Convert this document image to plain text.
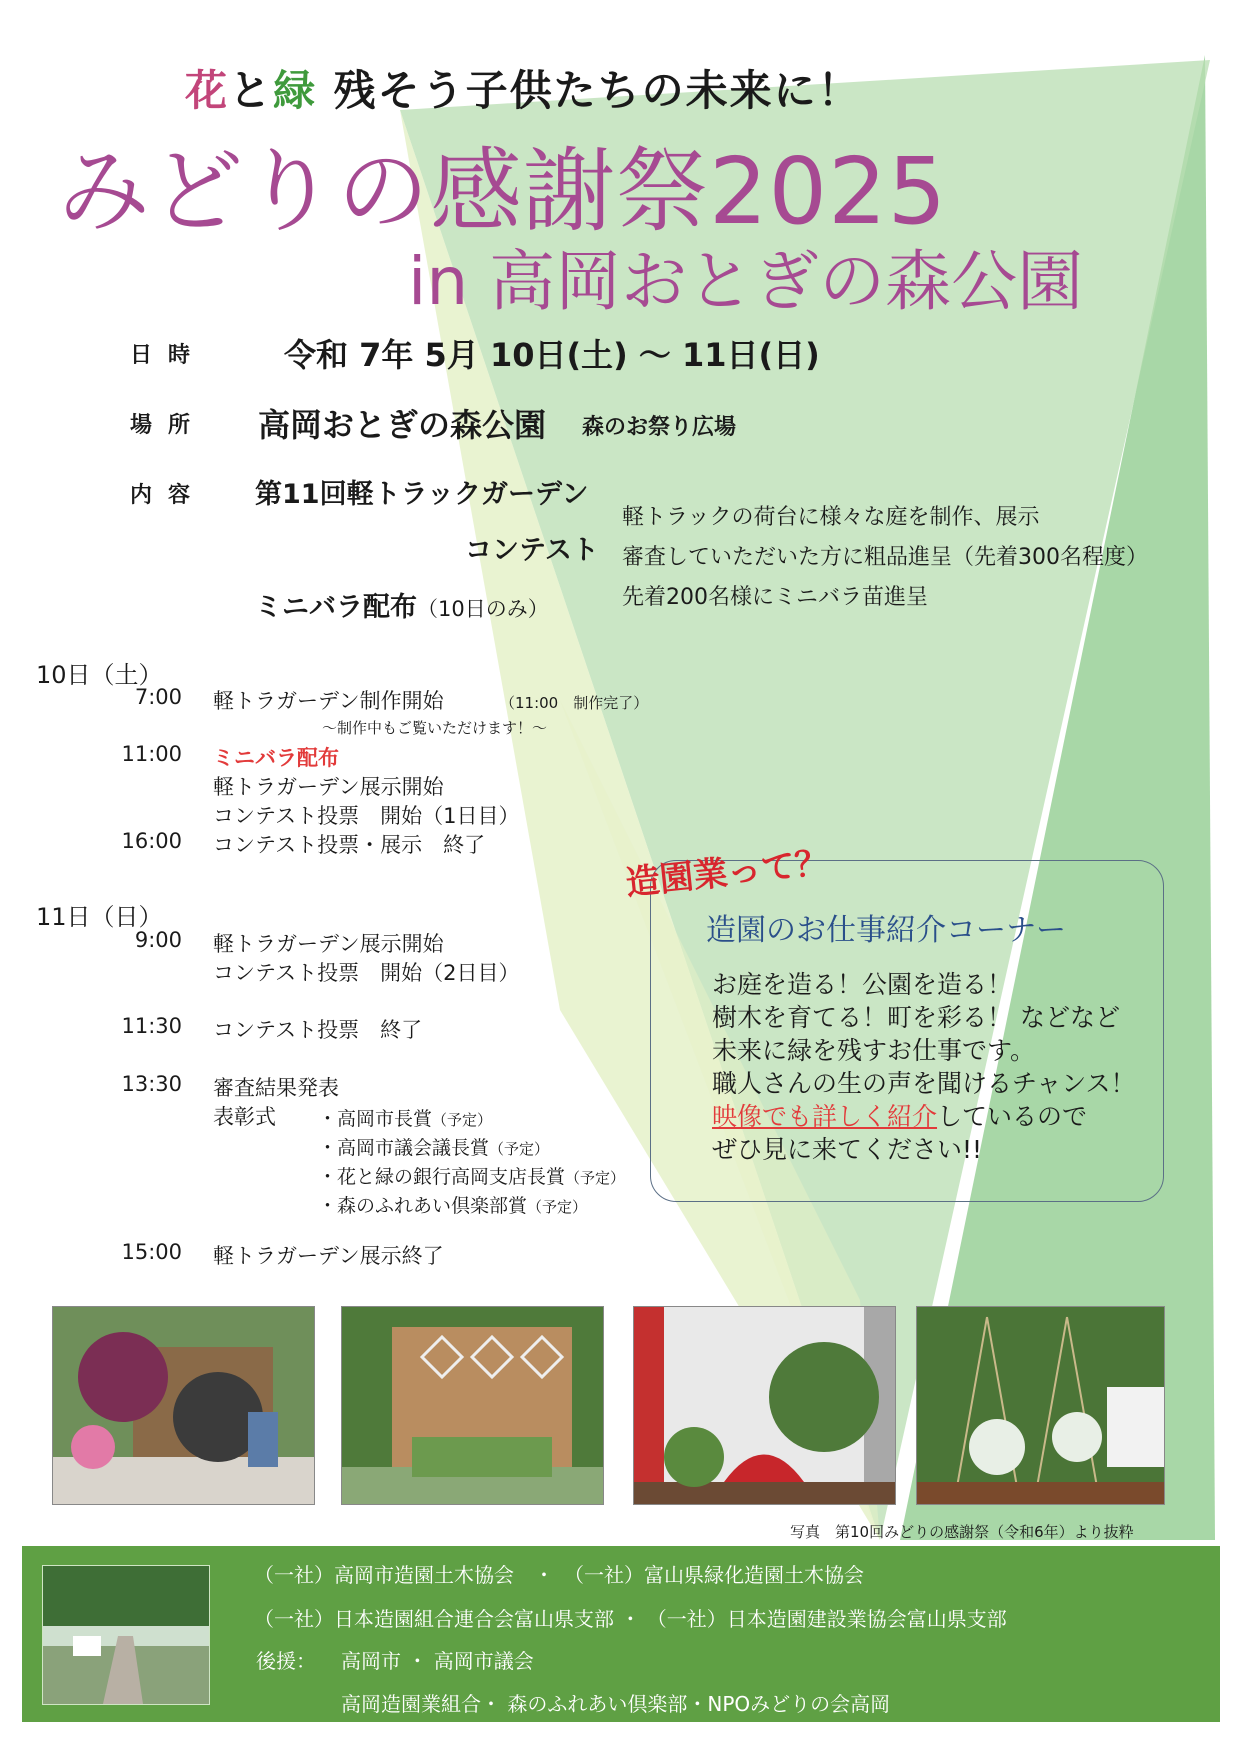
花と緑 残そう子供たちの未来に！
みどりの感謝祭2025
in 高岡おとぎの森公園
日時 令和 7年 5月 10日(土) ～ 11日(日)
場所 高岡おとぎの森公園 森のお祭り広場
内容 第11回軽トラックガーデン
コンテスト
ミニバラ配布（10日のみ）
軽トラックの荷台に様々な庭を制作、展示
審査していただいた方に粗品進呈（先着300名程度）
先着200名様にミニバラ苗進呈
10日（土）
7:00 軽トラガーデン制作開始	（11:00　制作完了）
～制作中もご覧いただけます！～
11:00 ミニバラ配布
軽トラガーデン展示開始
コンテスト投票　開始（1日目）
16:00 コンテスト投票・展示　終了
11日（日）
9:00 軽トラガーデン展示開始
コンテスト投票　開始（2日目）
11:30 コンテスト投票　終了
13:30 審査結果発表
表彰式 ・高岡市長賞（予定）
・高岡市議会議長賞（予定）
・花と緑の銀行高岡支店長賞（予定）
・森のふれあい倶楽部賞（予定）
15:00 軽トラガーデン展示終了
造園業って？
造園のお仕事紹介コーナー
お庭を造る！公園を造る！
樹木を育てる！町を彩る！ などなど
未来に緑を残すお仕事です。
職人さんの生の声を聞けるチャンス！
映像でも詳しく紹介しているので
ぜひ見に来てください!!
写真　第10回みどりの感謝祭（令和6年）より抜粋
（一社）高岡市造園土木協会　・　（一社）富山県緑化造園土木協会
（一社）日本造園組合連合会富山県支部 ・ （一社）日本造園建設業協会富山県支部
後援： 高岡市 ・ 高岡市議会
高岡造園業組合・ 森のふれあい倶楽部・NPOみどりの会高岡
